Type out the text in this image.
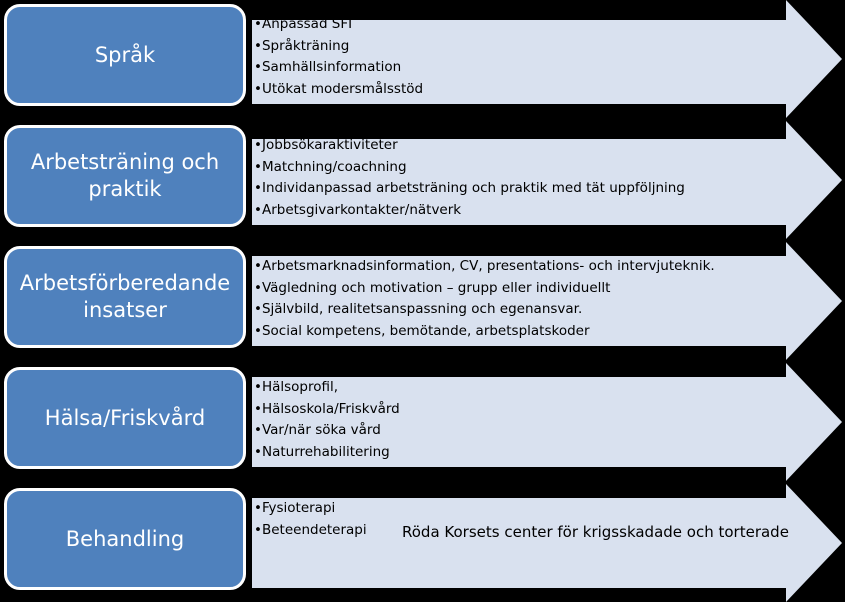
Språk
• Anpassad SFI
• Språkträning
• Samhällsinformation
• Utökat modersmålsstöd
Arbetsträning och praktik
• Jobbsökaraktiviteter
• Matchning/coachning
• Individanpassad arbetsträning och praktik med tät uppföljning
• Arbetsgivarkontakter/nätverk
Arbetsförberedande insatser
• Arbetsmarknadsinformation, CV, presentations- och intervjuteknik.
• Vägledning och motivation – grupp eller individuellt
• Självbild, realitetsanspassning och egenansvar.
• Social kompetens, bemötande, arbetsplatskoder
Hälsa/Friskvård
• Hälsoprofil,
• Hälsoskola/Friskvård
• Var/när söka vård
• Naturrehabilitering
Behandling
• Fysioterapi
• Beteendeterapi Röda Korsets center för krigsskadade och torterade
